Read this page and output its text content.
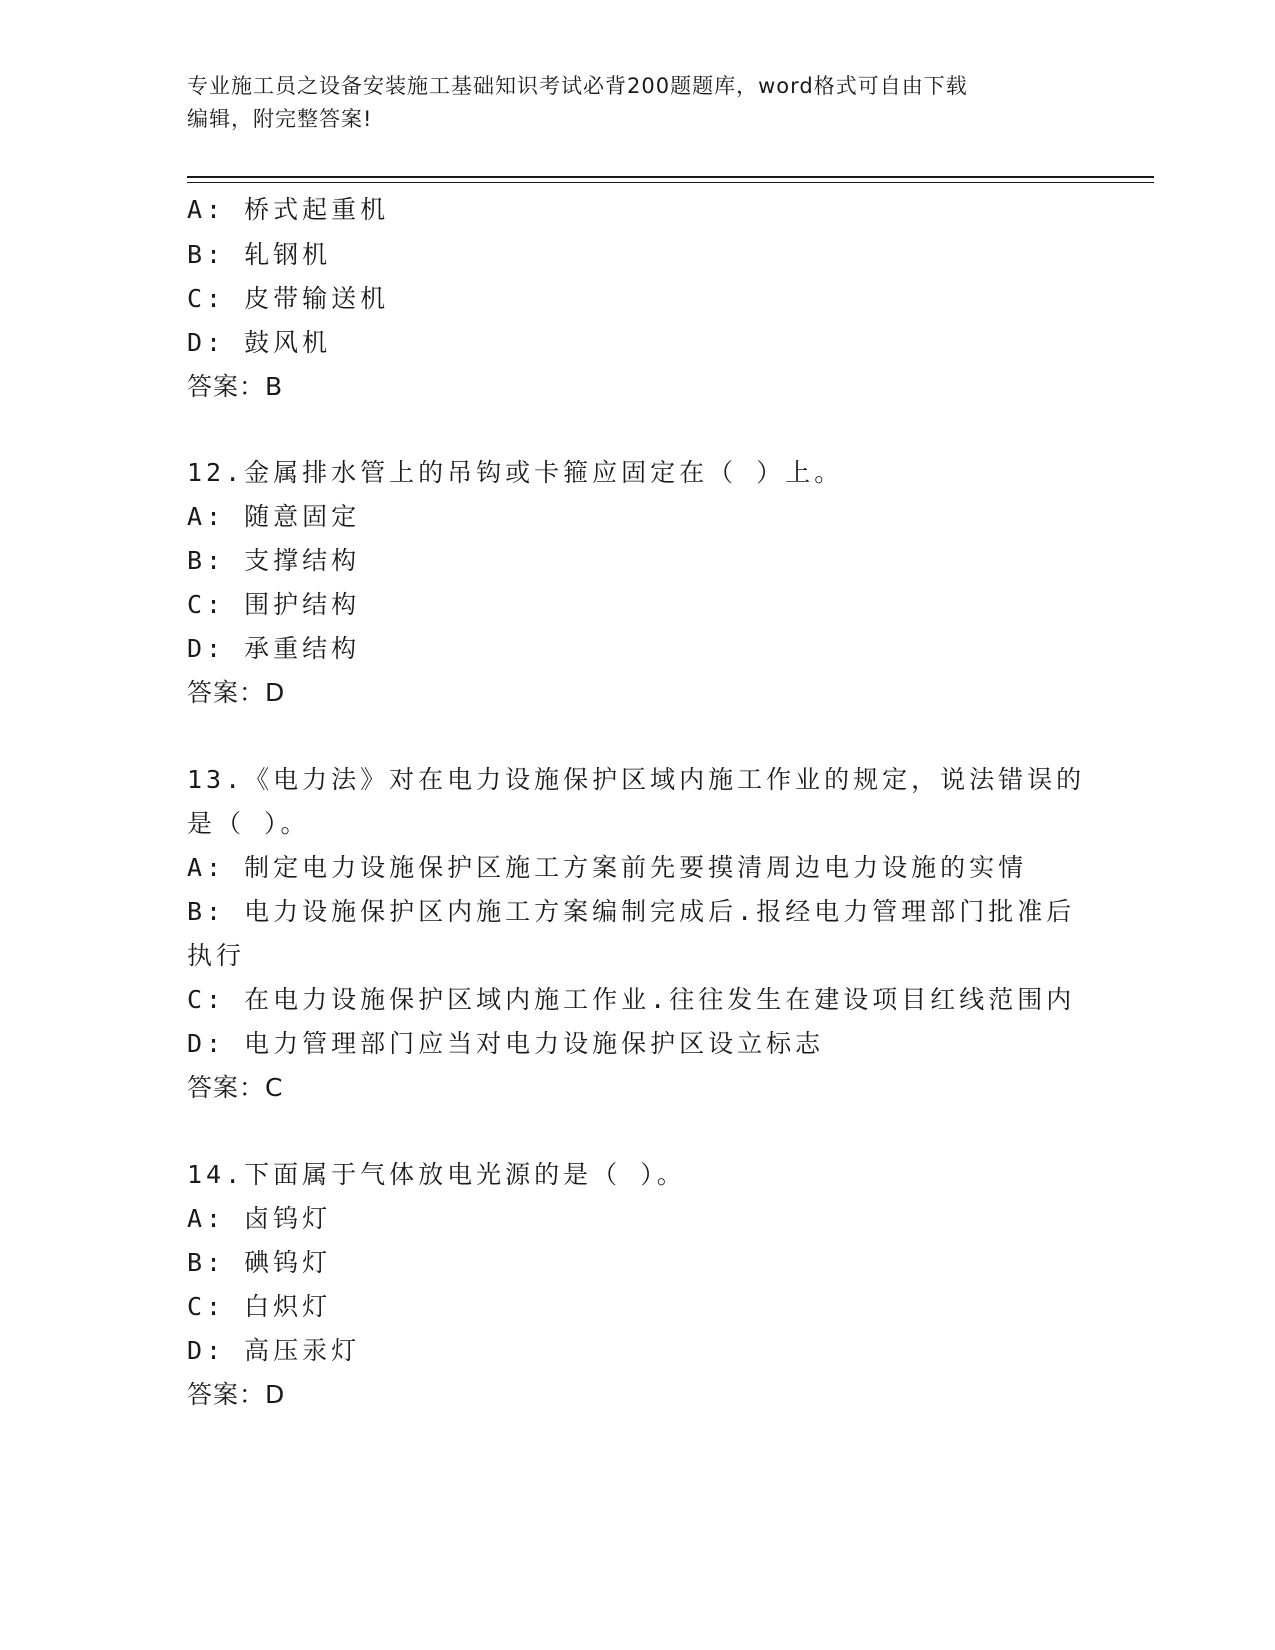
专业施工员之设备安装施工基础知识考试必背200题题库，word格式可自由下载
编辑，附完整答案!
A: 桥式起重机
B: 轧钢机
C: 皮带输送机
D: 鼓风机
答案：B
12.金属排水管上的吊钩或卡箍应固定在（ ）上。
A: 随意固定
B: 支撑结构
C: 围护结构
D: 承重结构
答案：D
13.《电力法》对在电力设施保护区域内施工作业的规定，说法错误的
是（ ）。
A: 制定电力设施保护区施工方案前先要摸清周边电力设施的实情
B: 电力设施保护区内施工方案编制完成后.报经电力管理部门批准后
执行
C: 在电力设施保护区域内施工作业.往往发生在建设项目红线范围内
D: 电力管理部门应当对电力设施保护区设立标志
答案：C
14.下面属于气体放电光源的是（ ）。
A: 卤钨灯
B: 碘钨灯
C: 白炽灯
D: 高压汞灯
答案：D
